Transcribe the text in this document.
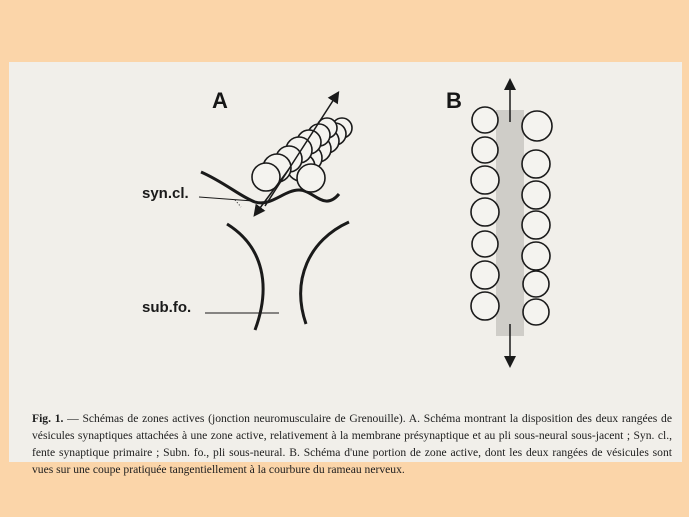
A	B
syn.cl.
sub.fo.

Fig. 1. — Schémas de zones actives (jonction neuromusculaire de Grenouille). A. Schéma montrant la disposition des deux rangées de vésicules synaptiques attachées à une zone active, relativement à la membrane présynaptique et au pli sous-neural sous-jacent ; Syn. cl., fente synaptique primaire ; Subn. fo., pli sous-neural. B. Schéma d'une portion de zone active, dont les deux rangées de vésicules sont vues sur une coupe pratiquée tangentiellement à la courbure du rameau nerveux.
